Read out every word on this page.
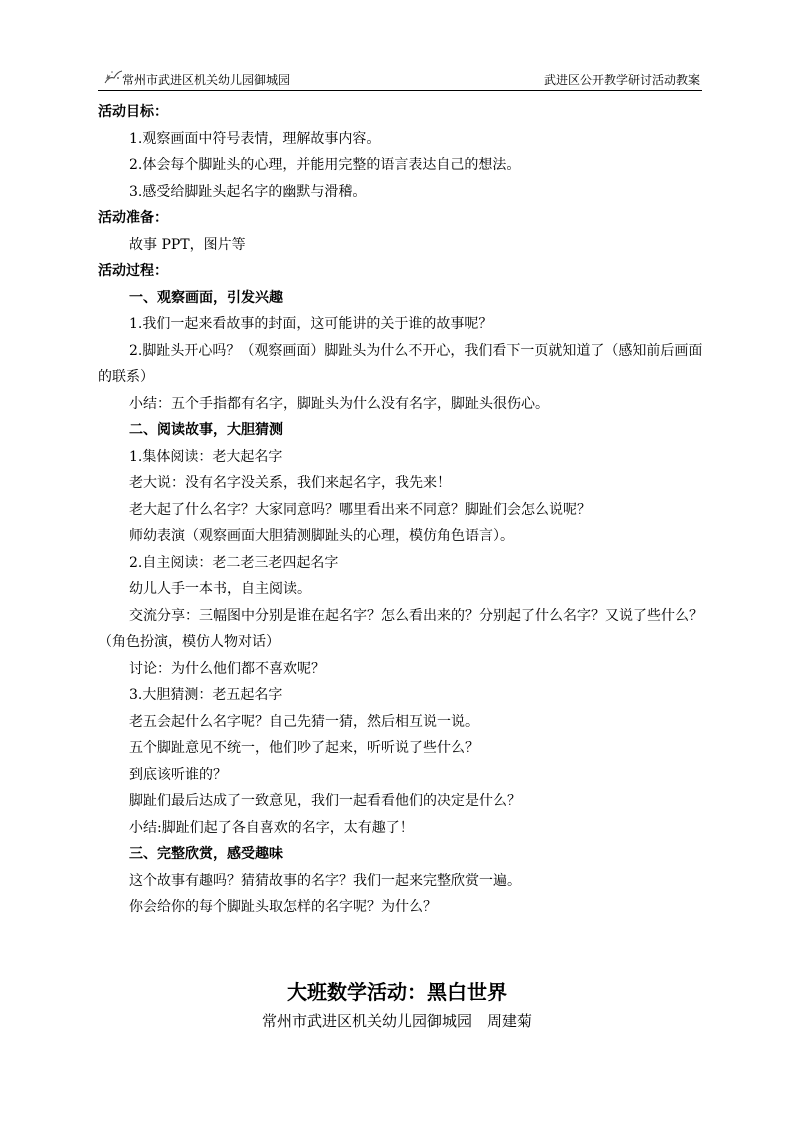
常州市武进区机关幼儿园御城园	武进区公开教学研讨活动教案

活动目标：

1.观察画面中符号表情，理解故事内容。

2.体会每个脚趾头的心理，并能用完整的语言表达自己的想法。

3.感受给脚趾头起名字的幽默与滑稽。

活动准备：

故事 PPT，图片等

活动过程：

一、观察画面，引发兴趣

1.我们一起来看故事的封面，这可能讲的关于谁的故事呢？

2.脚趾头开心吗？（观察画面）脚趾头为什么不开心，我们看下一页就知道了（感知前后画面的联系）

小结：五个手指都有名字，脚趾头为什么没有名字，脚趾头很伤心。

二、阅读故事，大胆猜测

1.集体阅读：老大起名字

老大说：没有名字没关系，我们来起名字，我先来！

老大起了什么名字？大家同意吗？哪里看出来不同意？脚趾们会怎么说呢？

师幼表演（观察画面大胆猜测脚趾头的心理，模仿角色语言）。

2.自主阅读：老二老三老四起名字

幼儿人手一本书，自主阅读。

交流分享：三幅图中分别是谁在起名字？怎么看出来的？分别起了什么名字？又说了些什么？（角色扮演，模仿人物对话）

讨论：为什么他们都不喜欢呢？

3.大胆猜测：老五起名字

老五会起什么名字呢？自己先猜一猜，然后相互说一说。

五个脚趾意见不统一，他们吵了起来，听听说了些什么？

到底该听谁的？

脚趾们最后达成了一致意见，我们一起看看他们的决定是什么？

小结:脚趾们起了各自喜欢的名字，太有趣了！

三、完整欣赏，感受趣味

这个故事有趣吗？猜猜故事的名字？我们一起来完整欣赏一遍。

你会给你的每个脚趾头取怎样的名字呢？为什么？

大班数学活动：黑白世界
常州市武进区机关幼儿园御城园　周建菊
